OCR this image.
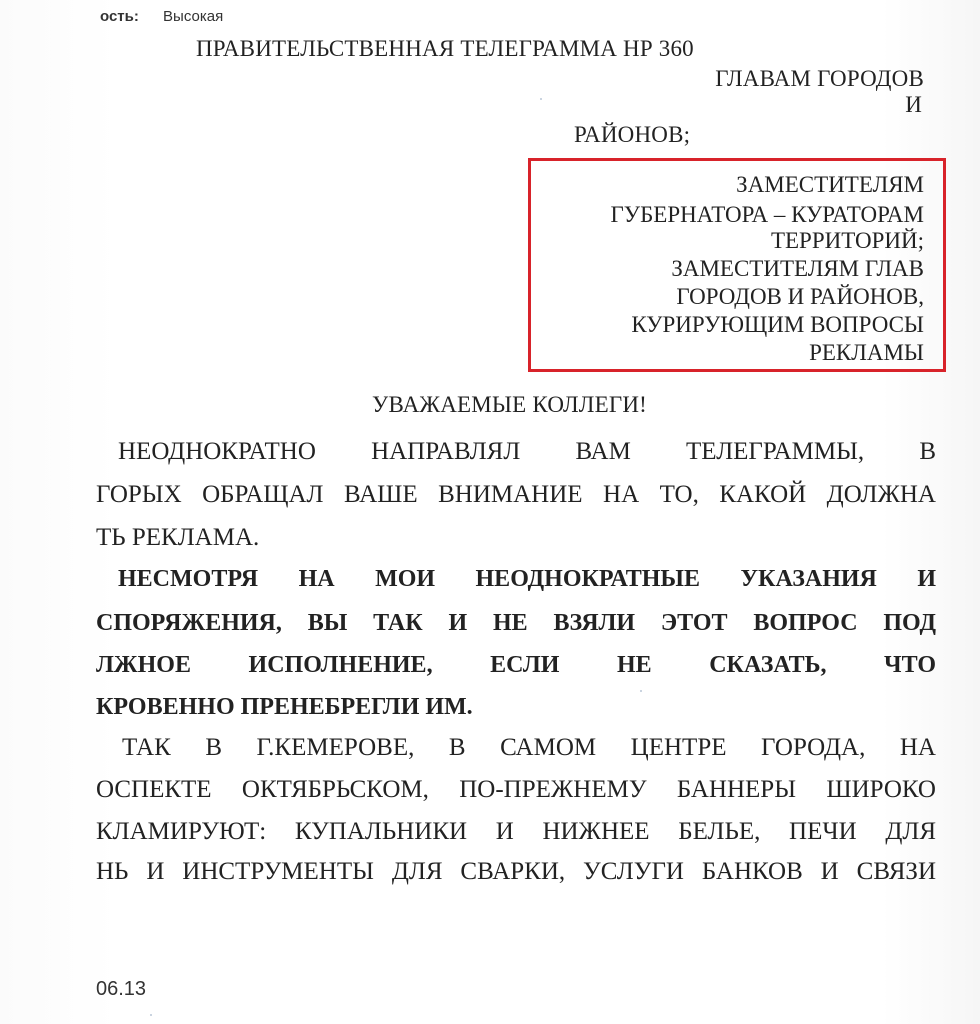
ость: Высокая
ПРАВИТЕЛЬСТВЕННАЯ ТЕЛЕГРАММА НР 360
ГЛАВАМ ГОРОДОВ
И
РАЙОНОВ;
ЗАМЕСТИТЕЛЯМ
ГУБЕРНАТОРА – КУРАТОРАМ
ТЕРРИТОРИЙ;
ЗАМЕСТИТЕЛЯМ ГЛАВ
ГОРОДОВ И РАЙОНОВ,
КУРИРУЮЩИМ ВОПРОСЫ
РЕКЛАМЫ
УВАЖАЕМЫЕ КОЛЛЕГИ!
НЕОДНОКРАТНО НАПРАВЛЯЛ ВАМ ТЕЛЕГРАММЫ, В
ГОРЫХ ОБРАЩАЛ ВАШЕ ВНИМАНИЕ НА ТО, КАКОЙ ДОЛЖНА
ТЬ РЕКЛАМА.
НЕСМОТРЯ НА МОИ НЕОДНОКРАТНЫЕ УКАЗАНИЯ И
СПОРЯЖЕНИЯ, ВЫ ТАК И НЕ ВЗЯЛИ ЭТОТ ВОПРОС ПОД
ЛЖНОЕ ИСПОЛНЕНИЕ, ЕСЛИ НЕ СКАЗАТЬ, ЧТО
КРОВЕННО ПРЕНЕБРЕГЛИ ИМ.
ТАК В Г.КЕМЕРОВЕ, В САМОМ ЦЕНТРЕ ГОРОДА, НА
ОСПЕКТЕ ОКТЯБРЬСКОМ, ПО-ПРЕЖНЕМУ БАННЕРЫ ШИРОКО
КЛАМИРУЮТ: КУПАЛЬНИКИ И НИЖНЕЕ БЕЛЬЕ, ПЕЧИ ДЛЯ
НЬ И ИНСТРУМЕНТЫ ДЛЯ СВАРКИ, УСЛУГИ БАНКОВ И СВЯЗИ
06.13
